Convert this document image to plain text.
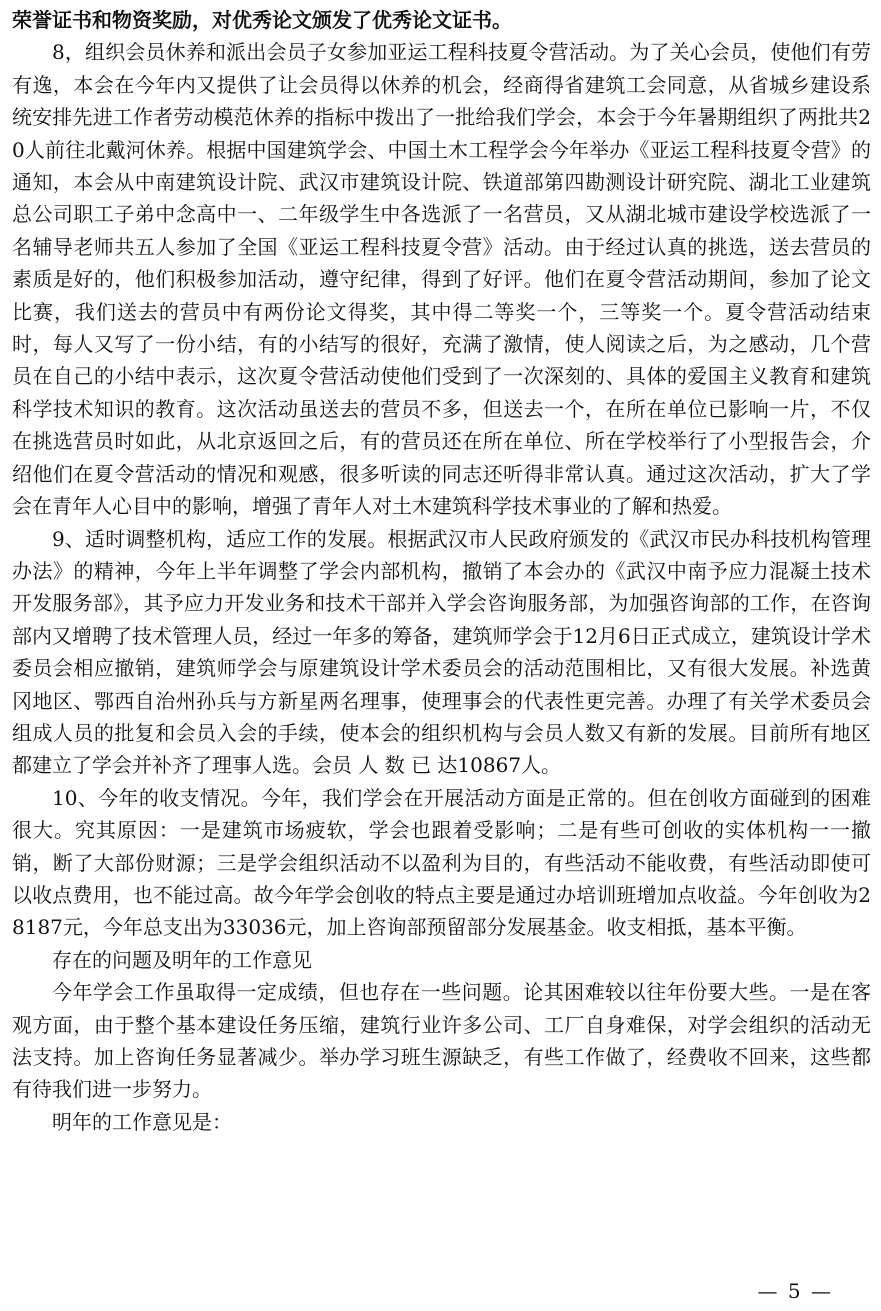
荣誉证书和物资奖励，对优秀论文颁发了优秀论文证书。

8，组织会员休养和派出会员子女参加亚运工程科技夏令营活动。为了关心会员，使他们有劳有逸，本会在今年内又提供了让会员得以休养的机会，经商得省建筑工会同意，从省城乡建设系统安排先进工作者劳动模范休养的指标中拨出了一批给我们学会，本会于今年暑期组织了两批共20人前往北戴河休养。根据中国建筑学会、中国土木工程学会今年举办《亚运工程科技夏令营》的通知，本会从中南建筑设计院、武汉市建筑设计院、铁道部第四勘测设计研究院、湖北工业建筑总公司职工子弟中念高中一、二年级学生中各选派了一名营员，又从湖北城市建设学校选派了一名辅导老师共五人参加了全国《亚运工程科技夏令营》活动。由于经过认真的挑选，送去营员的素质是好的，他们积极参加活动，遵守纪律，得到了好评。他们在夏令营活动期间，参加了论文比赛，我们送去的营员中有两份论文得奖，其中得二等奖一个，三等奖一个。夏令营活动结束时，每人又写了一份小结，有的小结写的很好，充满了激情，使人阅读之后，为之感动，几个营员在自己的小结中表示，这次夏令营活动使他们受到了一次深刻的、具体的爱国主义教育和建筑科学技术知识的教育。这次活动虽送去的营员不多，但送去一个，在所在单位已影响一片，不仅在挑选营员时如此，从北京返回之后，有的营员还在所在单位、所在学校举行了小型报告会，介绍他们在夏令营活动的情况和观感，很多听读的同志还听得非常认真。通过这次活动，扩大了学会在青年人心目中的影响，增强了青年人对土木建筑科学技术事业的了解和热爱。

9、适时调整机构，适应工作的发展。根据武汉市人民政府颁发的《武汉市民办科技机构管理办法》的精神，今年上半年调整了学会内部机构，撤销了本会办的《武汉中南予应力混凝土技术开发服务部》，其予应力开发业务和技术干部并入学会咨询服务部，为加强咨询部的工作，在咨询部内又增聘了技术管理人员，经过一年多的筹备，建筑师学会于12月6日正式成立，建筑设计学术委员会相应撤销，建筑师学会与原建筑设计学术委员会的活动范围相比，又有很大发展。补选黄冈地区、鄂西自治州孙兵与方新星两名理事，使理事会的代表性更完善。办理了有关学术委员会组成人员的批复和会员入会的手续，使本会的组织机构与会员人数又有新的发展。目前所有地区都建立了学会并补齐了理事人选。会员 人 数 已 达10867人。

10、今年的收支情况。今年，我们学会在开展活动方面是正常的。但在创收方面碰到的困难很大。究其原因：一是建筑市场疲软，学会也跟着受影响；二是有些可创收的实体机构一一撤销，断了大部份财源；三是学会组织活动不以盈利为目的，有些活动不能收费，有些活动即使可以收点费用，也不能过高。故今年学会创收的特点主要是通过办培训班增加点收益。今年创收为28187元，今年总支出为33036元，加上咨询部预留部分发展基金。收支相抵，基本平衡。

存在的问题及明年的工作意见

今年学会工作虽取得一定成绩，但也存在一些问题。论其困难较以往年份要大些。一是在客观方面，由于整个基本建设任务压缩，建筑行业许多公司、工厂自身难保，对学会组织的活动无法支持。加上咨询任务显著减少。举办学习班生源缺乏，有些工作做了，经费收不回来，这些都有待我们进一步努力。

明年的工作意见是：

— 5 —
